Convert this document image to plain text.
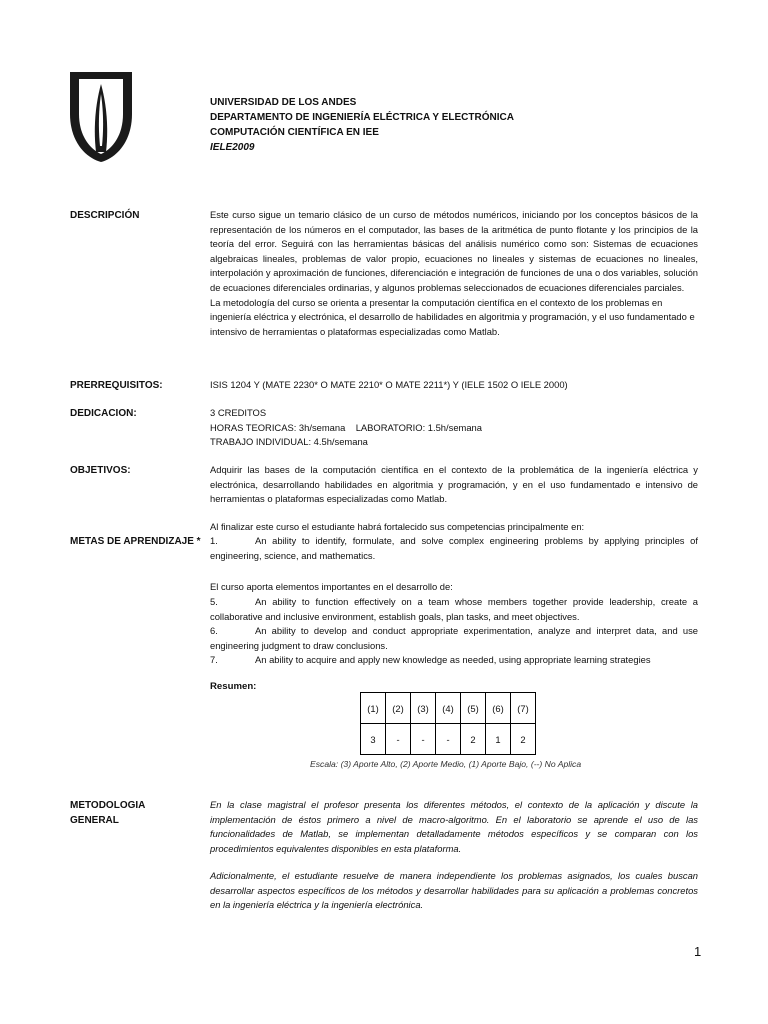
UNIVERSIDAD DE LOS ANDES
DEPARTAMENTO DE INGENIERÍA ELÉCTRICA Y ELECTRÓNICA
COMPUTACIÓN CIENTÍFICA EN IEE
IELE2009
DESCRIPCIÓN	Este curso sigue un temario clásico de un curso de métodos numéricos, iniciando por los conceptos básicos de la representación de los números en el computador, las bases de la aritmética de punto flotante y los principios de la teoría del error. Seguirá con las herramientas básicas del análisis numérico como son: Sistemas de ecuaciones algebraicas lineales, problemas de valor propio, ecuaciones no lineales y sistemas de ecuaciones no lineales, interpolación y aproximación de funciones, diferenciación e integración de funciones de una o dos variables, solución de ecuaciones diferenciales ordinarias, y algunos problemas seleccionados de ecuaciones diferenciales parciales.
La metodología del curso se orienta a presentar la computación científica en el contexto de los problemas en ingeniería eléctrica y electrónica, el desarrollo de habilidades en algoritmia y programación, y el uso fundamentado e intensivo de herramientas o plataformas especializadas como Matlab.
PRERREQUISITOS:	ISIS 1204 Y (MATE 2230* O MATE 2210* O MATE 2211*) Y (IELE 1502 O IELE 2000)
DEDICACION:	3 CREDITOS
HORAS TEORICAS: 3h/semana    LABORATORIO: 1.5h/semana
TRABAJO INDIVIDUAL: 4.5h/semana
OBJETIVOS:	Adquirir las bases de la computación científica en el contexto de la problemática de la ingeniería eléctrica y electrónica, desarrollando habilidades en algoritmia y programación, y en el uso fundamentado e intensivo de herramientas o plataformas especializadas como Matlab.
METAS DE APRENDIZAJE *
Al finalizar este curso el estudiante habrá fortalecido sus competencias principalmente en:
1.	An ability to identify, formulate, and solve complex engineering problems by applying principles of engineering, science, and mathematics.
El curso aporta elementos importantes en el desarrollo de:
5.	An ability to function effectively on a team whose members together provide leadership, create a collaborative and inclusive environment, establish goals, plan tasks, and meet objectives.
6.	An ability to develop and conduct appropriate experimentation, analyze and interpret data, and use engineering judgment to draw conclusions.
7.	An ability to acquire and apply new knowledge as needed, using appropriate learning strategies
Resumen:
(1)	(2)	(3)	(4)	(5)	(6)	(7)
3	-	-	-	2	1	2
Escala: (3) Aporte Alto, (2) Aporte Medio, (1) Aporte Bajo, (--) No Aplica
METODOLOGIA
GENERAL
En la clase magistral el profesor presenta los diferentes métodos, el contexto de la aplicación y discute la implementación de éstos primero a nivel de macro-algoritmo. En el laboratorio se aprende el uso de las funcionalidades de Matlab, se implementan detalladamente métodos específicos y se comparan con los procedimientos equivalentes disponibles en esta plataforma.
Adicionalmente, el estudiante resuelve de manera independiente los problemas asignados, los cuales buscan desarrollar aspectos específicos de los métodos y desarrollar habilidades para su aplicación a problemas concretos en la ingeniería eléctrica y la ingeniería electrónica.
1
